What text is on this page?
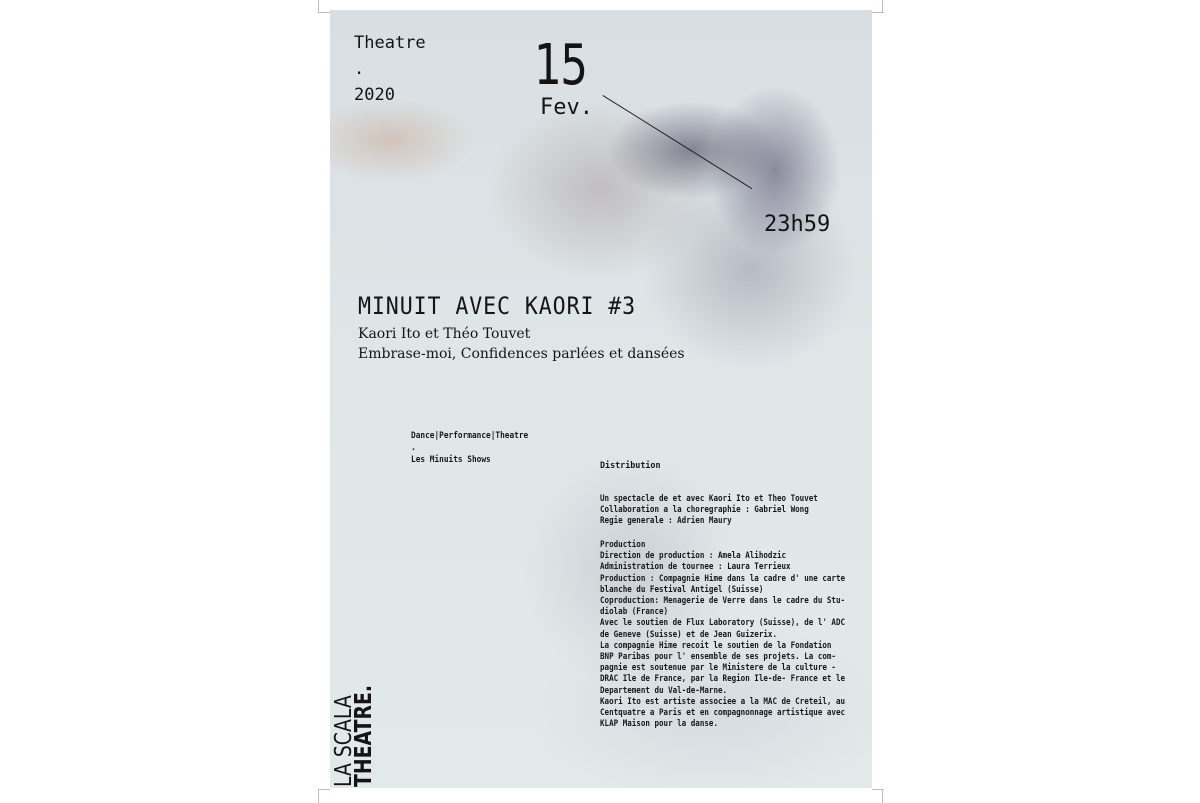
Theatre
.
2020 15
Fev.
23h59
MINUIT AVEC KAORI #3
Kaori Ito et Théo Touvet
Embrase-moi, Confidences parlées et dansées
Dance|Performance|Theatre
.
Les Minuits Shows
Distribution
Un spectacle de et avec Kaori Ito et Theo Touvet
Collaboration a la choregraphie : Gabriel Wong
Regie generale : Adrien Maury
Production
Direction de production : Amela Alihodzic
Administration de tournee : Laura Terrieux
Production : Compagnie Hime dans la cadre d' une carte
blanche du Festival Antigel (Suisse)
Coproduction: Menagerie de Verre dans le cadre du Stu-
diolab (France)
Avec le soutien de Flux Laboratory (Suisse), de l' ADC
de Geneve (Suisse) et de Jean Guizerix.
La compagnie Hime recoit le soutien de la Fondation
BNP Paribas pour l' ensemble de ses projets. La com-
pagnie est soutenue par le Ministere de la culture -
DRAC Ile de France, par la Region Ile-de- France et le
Departement du Val-de-Marne.
Kaori Ito est artiste associee a la MAC de Creteil, au
Centquatre a Paris et en compagnonnage artistique avec
KLAP Maison pour la danse.
LA SCALA
THEATRE.
